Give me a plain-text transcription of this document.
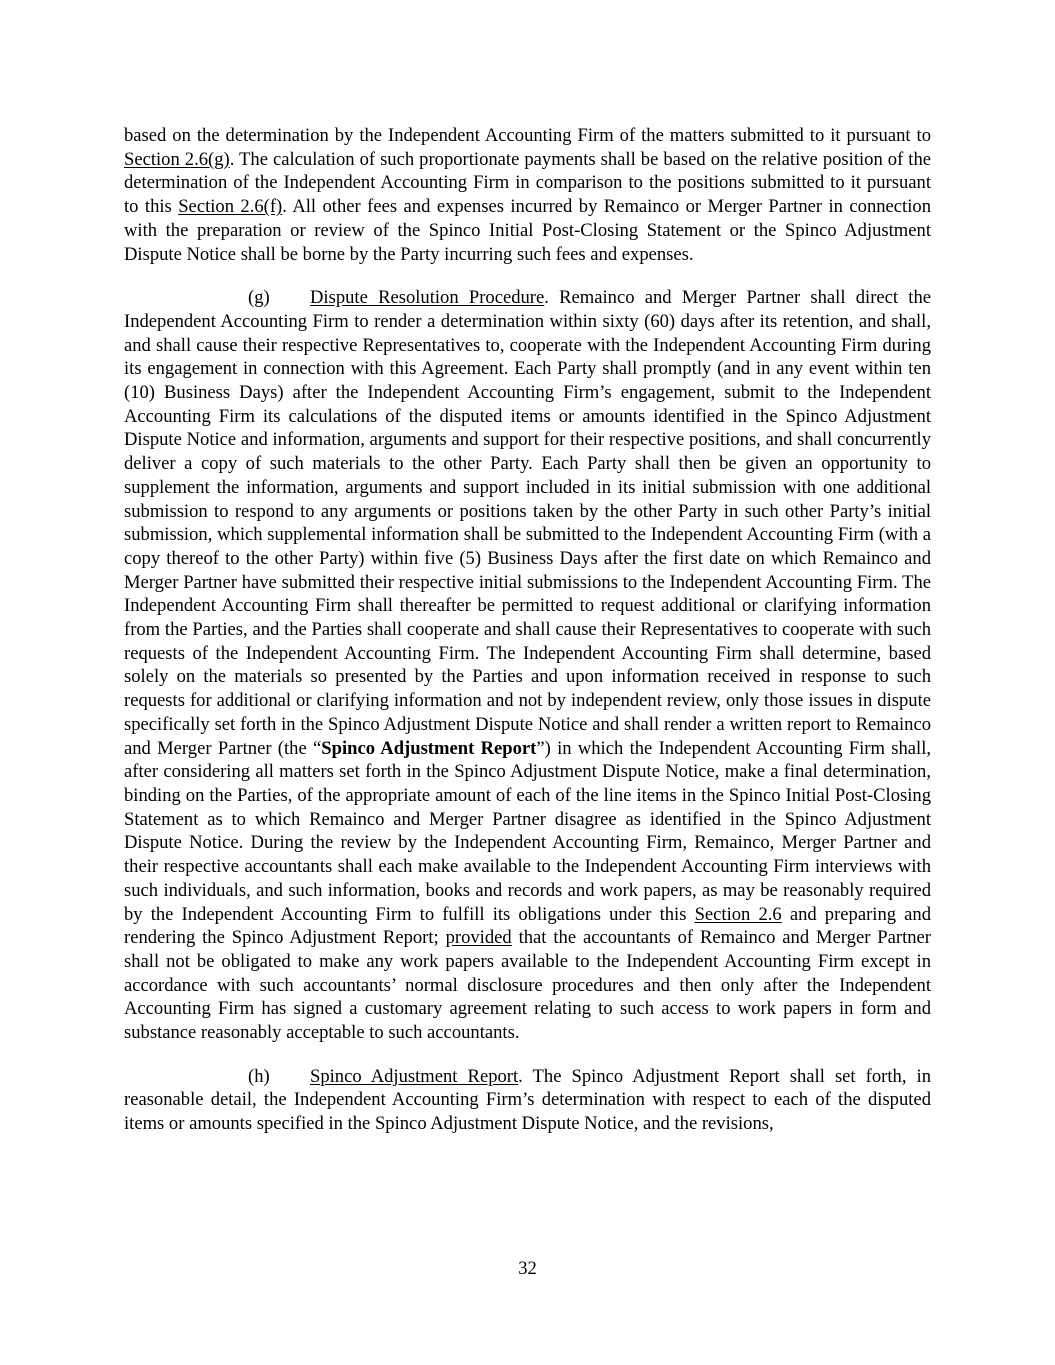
based on the determination by the Independent Accounting Firm of the matters submitted to it pursuant to Section 2.6(g). The calculation of such proportionate payments shall be based on the relative position of the determination of the Independent Accounting Firm in comparison to the positions submitted to it pursuant to this Section 2.6(f). All other fees and expenses incurred by Remainco or Merger Partner in connection with the preparation or review of the Spinco Initial Post-Closing Statement or the Spinco Adjustment Dispute Notice shall be borne by the Party incurring such fees and expenses.

(g) Dispute Resolution Procedure. Remainco and Merger Partner shall direct the Independent Accounting Firm to render a determination within sixty (60) days after its retention, and shall, and shall cause their respective Representatives to, cooperate with the Independent Accounting Firm during its engagement in connection with this Agreement. Each Party shall promptly (and in any event within ten (10) Business Days) after the Independent Accounting Firm’s engagement, submit to the Independent Accounting Firm its calculations of the disputed items or amounts identified in the Spinco Adjustment Dispute Notice and information, arguments and support for their respective positions, and shall concurrently deliver a copy of such materials to the other Party. Each Party shall then be given an opportunity to supplement the information, arguments and support included in its initial submission with one additional submission to respond to any arguments or positions taken by the other Party in such other Party’s initial submission, which supplemental information shall be submitted to the Independent Accounting Firm (with a copy thereof to the other Party) within five (5) Business Days after the first date on which Remainco and Merger Partner have submitted their respective initial submissions to the Independent Accounting Firm. The Independent Accounting Firm shall thereafter be permitted to request additional or clarifying information from the Parties, and the Parties shall cooperate and shall cause their Representatives to cooperate with such requests of the Independent Accounting Firm. The Independent Accounting Firm shall determine, based solely on the materials so presented by the Parties and upon information received in response to such requests for additional or clarifying information and not by independent review, only those issues in dispute specifically set forth in the Spinco Adjustment Dispute Notice and shall render a written report to Remainco and Merger Partner (the “Spinco Adjustment Report”) in which the Independent Accounting Firm shall, after considering all matters set forth in the Spinco Adjustment Dispute Notice, make a final determination, binding on the Parties, of the appropriate amount of each of the line items in the Spinco Initial Post-Closing Statement as to which Remainco and Merger Partner disagree as identified in the Spinco Adjustment Dispute Notice. During the review by the Independent Accounting Firm, Remainco, Merger Partner and their respective accountants shall each make available to the Independent Accounting Firm interviews with such individuals, and such information, books and records and work papers, as may be reasonably required by the Independent Accounting Firm to fulfill its obligations under this Section 2.6 and preparing and rendering the Spinco Adjustment Report; provided that the accountants of Remainco and Merger Partner shall not be obligated to make any work papers available to the Independent Accounting Firm except in accordance with such accountants’ normal disclosure procedures and then only after the Independent Accounting Firm has signed a customary agreement relating to such access to work papers in form and substance reasonably acceptable to such accountants.

(h) Spinco Adjustment Report. The Spinco Adjustment Report shall set forth, in reasonable detail, the Independent Accounting Firm’s determination with respect to each of the disputed items or amounts specified in the Spinco Adjustment Dispute Notice, and the revisions,

32
